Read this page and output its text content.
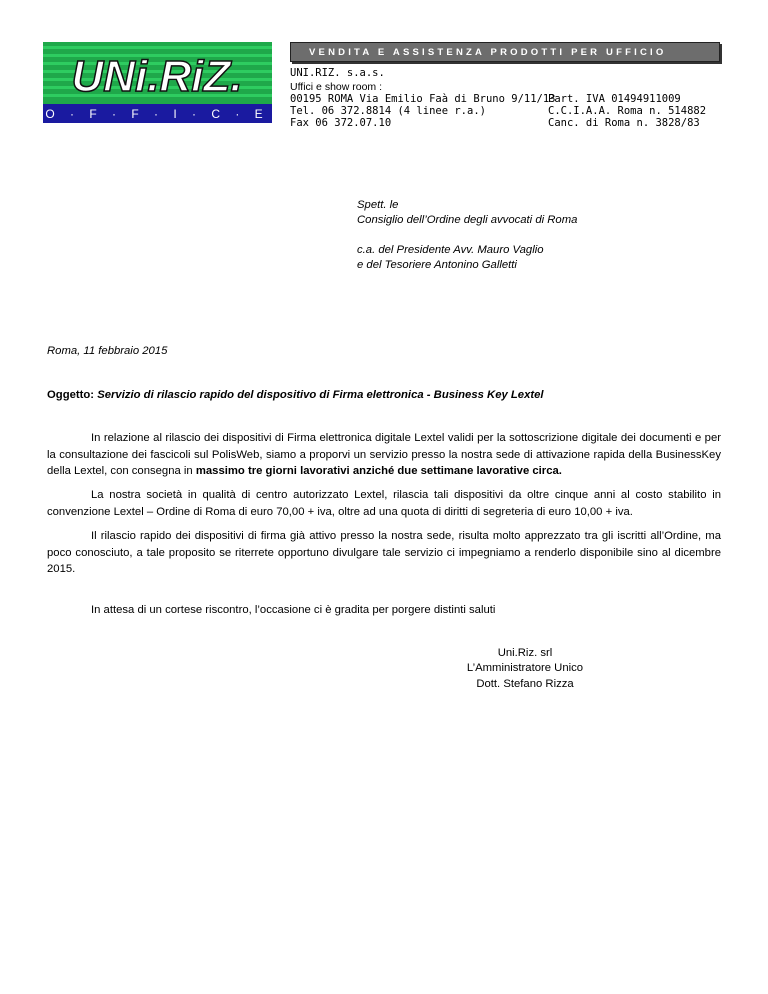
UNi.RiZ.
O · F · F · I · C · E
VENDITA E ASSISTENZA PRODOTTI PER UFFICIO
UNI.RIZ. s.a.s.
Uffici e show room :
00195 ROMA Via Emilio Faà di Bruno 9/11/13
Tel. 06 372.8814 (4 linee r.a.)
Fax 06 372.07.10
Part. IVA 01494911009
C.C.I.A.A. Roma n. 514882
Canc. di Roma n. 3828/83
Spett. le
Consiglio dell’Ordine degli avvocati di Roma
c.a. del Presidente Avv. Mauro Vaglio
e del Tesoriere Antonino Galletti
Roma, 11 febbraio 2015
Oggetto: Servizio di rilascio rapido del dispositivo di Firma elettronica - Business Key Lextel
In relazione al rilascio dei dispositivi di Firma elettronica digitale Lextel validi per la sottoscrizione digitale dei documenti e per la consultazione dei fascicoli sul PolisWeb, siamo a proporvi un servizio presso la nostra sede di attivazione rapida della BusinessKey della Lextel, con consegna in massimo tre giorni lavorativi anziché due settimane lavorative circa.
La nostra società in qualità di centro autorizzato Lextel, rilascia tali dispositivi da oltre cinque anni al costo stabilito in convenzione Lextel – Ordine di Roma di euro 70,00 + iva, oltre ad una quota di diritti di segreteria di euro 10,00 + iva.
Il rilascio rapido dei dispositivi di firma già attivo presso la nostra sede, risulta molto apprezzato tra gli iscritti all’Ordine, ma poco conosciuto, a tale proposito se riterrete opportuno divulgare tale servizio ci impegniamo a renderlo disponibile sino al dicembre 2015.
In attesa di un cortese riscontro, l’occasione ci è gradita per porgere distinti saluti
Uni.Riz. srl
L’Amministratore Unico
Dott. Stefano Rizza
